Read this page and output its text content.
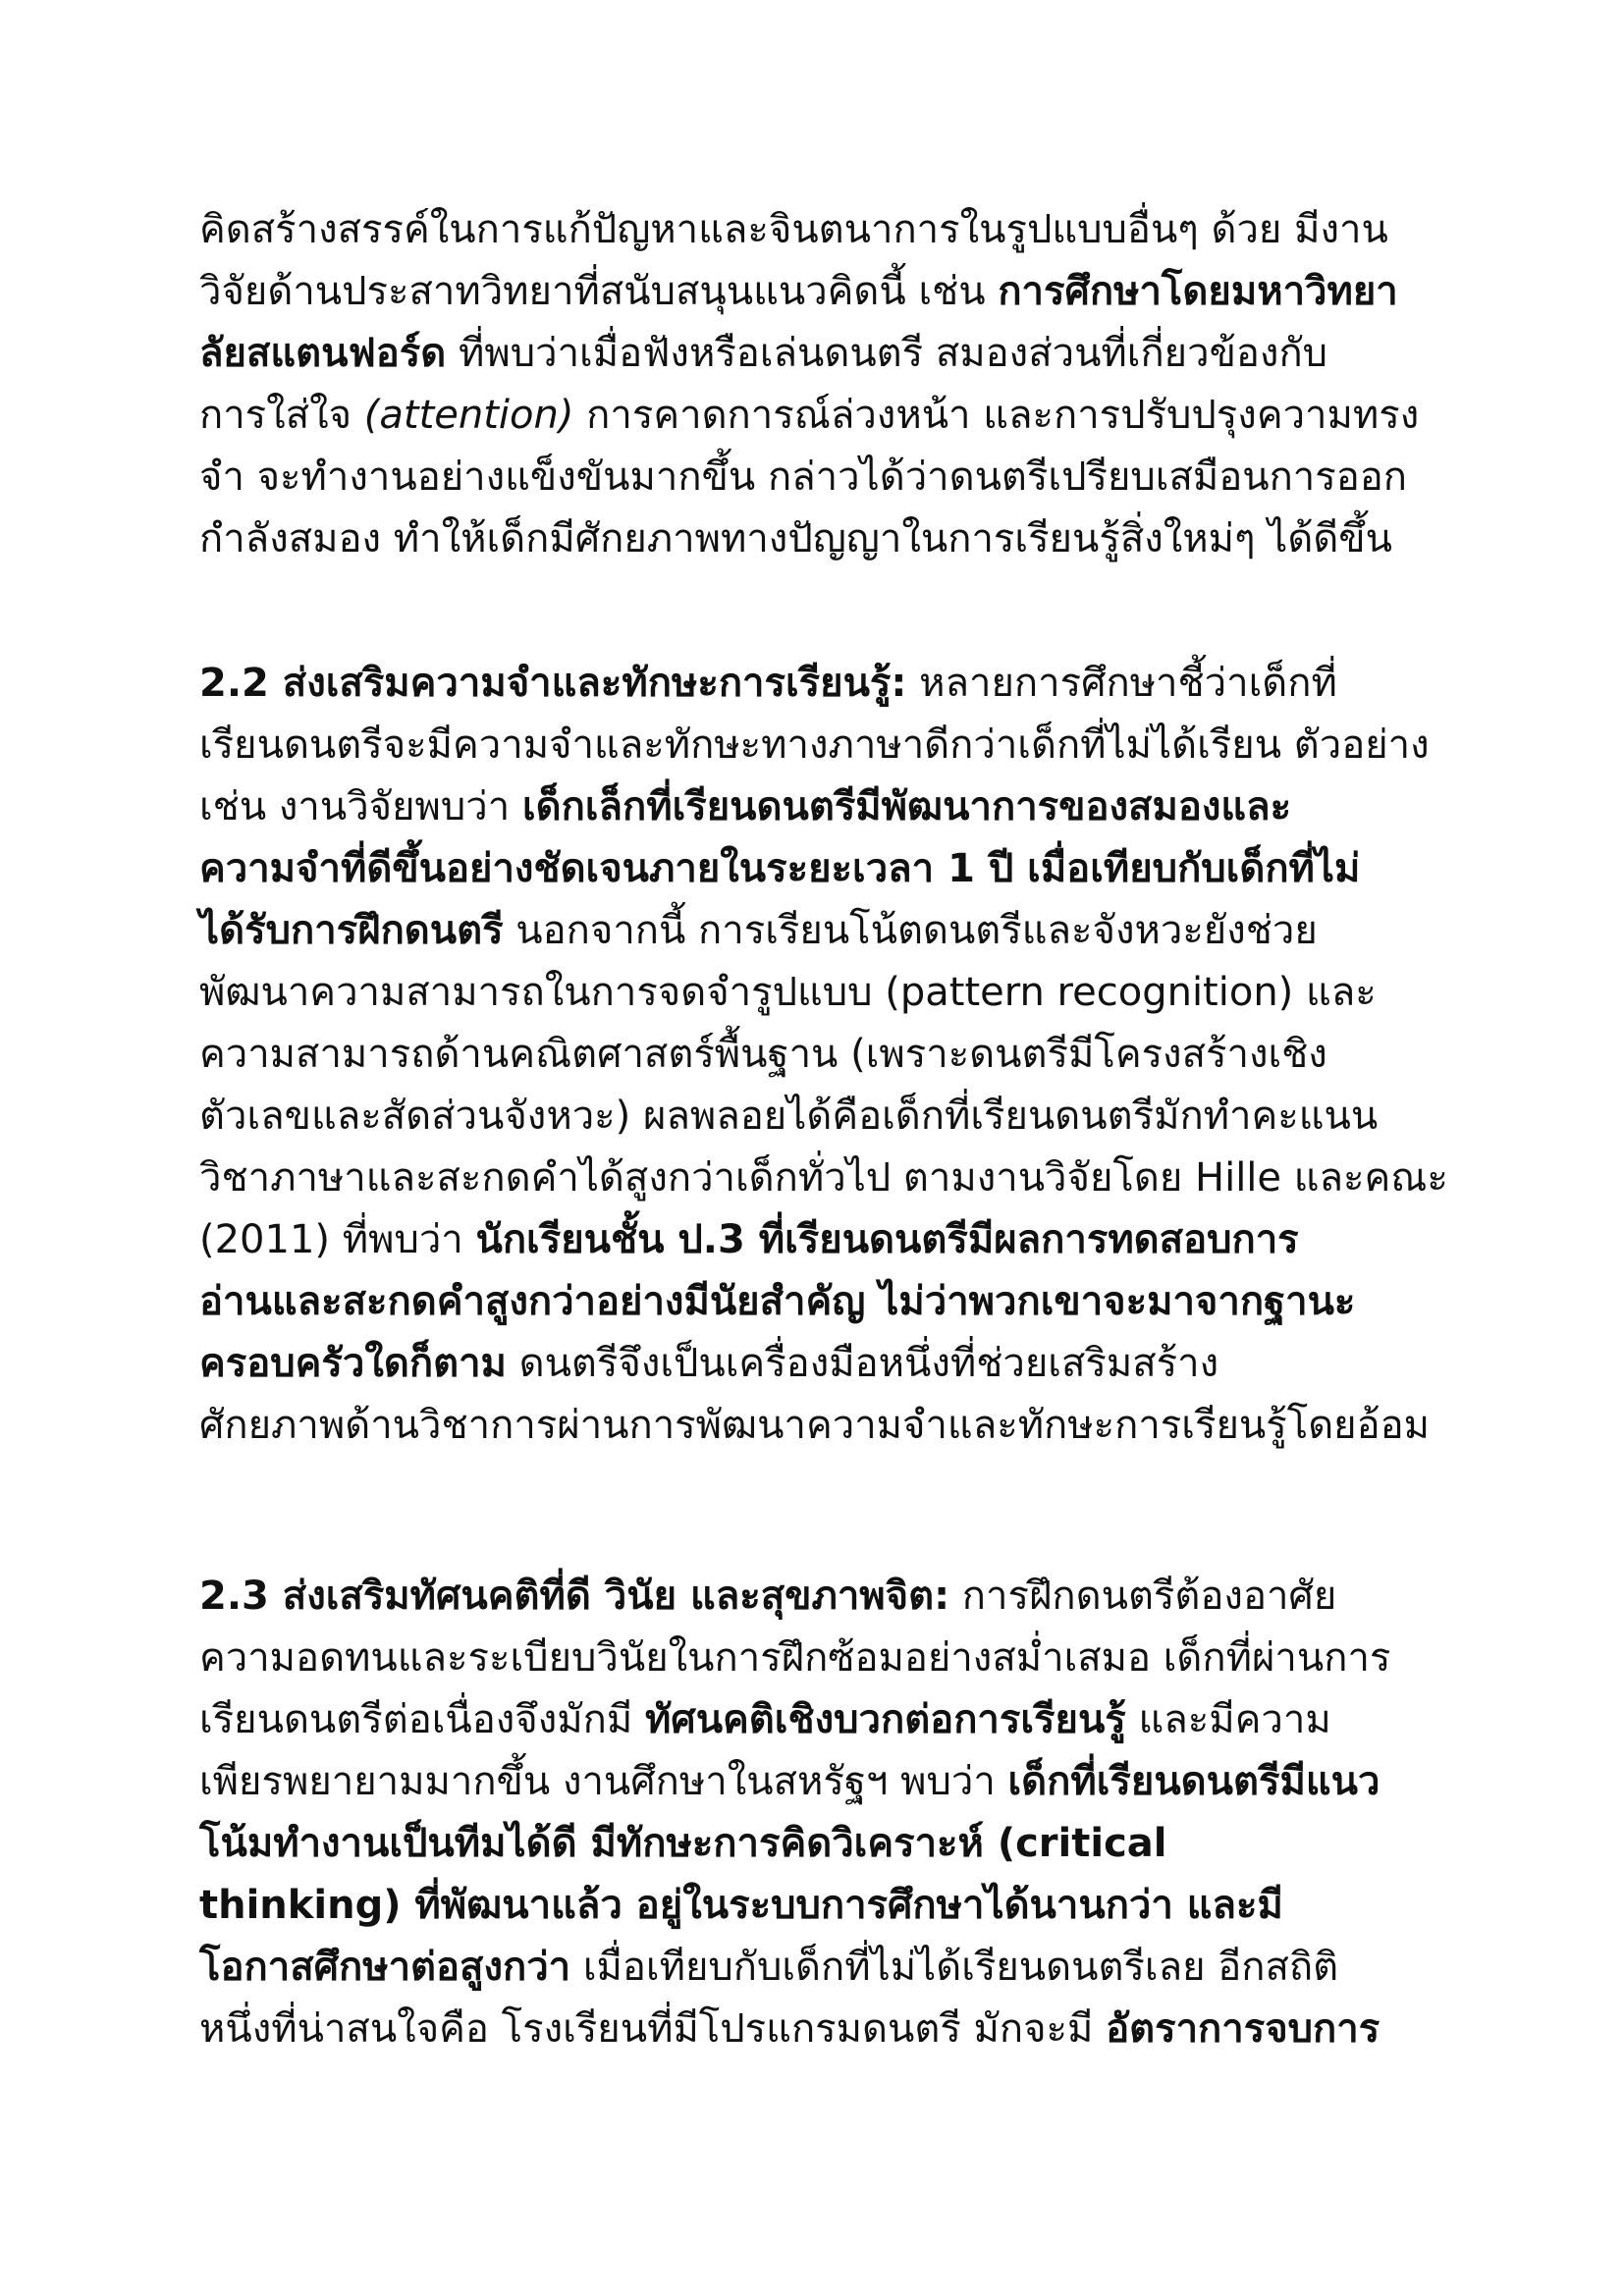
คิดสร้างสรรค์ในการแก้ปัญหาและจินตนาการในรูปแบบอื่นๆ ด้วย มีงาน
วิจัยด้านประสาทวิทยาที่สนับสนุนแนวคิดนี้ เช่น การศึกษาโดยมหาวิทยา
ลัยสแตนฟอร์ด ที่พบว่าเมื่อฟังหรือเล่นดนตรี สมองส่วนที่เกี่ยวข้องกับ
การใส่ใจ (attention) การคาดการณ์ล่วงหน้า และการปรับปรุงความทรง
จำ จะทำงานอย่างแข็งขันมากขึ้น กล่าวได้ว่าดนตรีเปรียบเสมือนการออก
กำลังสมอง ทำให้เด็กมีศักยภาพทางปัญญาในการเรียนรู้สิ่งใหม่ๆ ได้ดีขึ้น
2.2 ส่งเสริมความจำและทักษะการเรียนรู้: หลายการศึกษาชี้ว่าเด็กที่
เรียนดนตรีจะมีความจำและทักษะทางภาษาดีกว่าเด็กที่ไม่ได้เรียน ตัวอย่าง
เช่น งานวิจัยพบว่า เด็กเล็กที่เรียนดนตรีมีพัฒนาการของสมองและ
ความจำที่ดีขึ้นอย่างชัดเจนภายในระยะเวลา 1 ปี เมื่อเทียบกับเด็กที่ไม่
ได้รับการฝึกดนตรี นอกจากนี้ การเรียนโน้ตดนตรีและจังหวะยังช่วย
พัฒนาความสามารถในการจดจำรูปแบบ (pattern recognition) และ
ความสามารถด้านคณิตศาสตร์พื้นฐาน (เพราะดนตรีมีโครงสร้างเชิง
ตัวเลขและสัดส่วนจังหวะ) ผลพลอยได้คือเด็กที่เรียนดนตรีมักทำคะแนน
วิชาภาษาและสะกดคำได้สูงกว่าเด็กทั่วไป ตามงานวิจัยโดย Hille และคณะ
(2011) ที่พบว่า นักเรียนชั้น ป.3 ที่เรียนดนตรีมีผลการทดสอบการ
อ่านและสะกดคำสูงกว่าอย่างมีนัยสำคัญ ไม่ว่าพวกเขาจะมาจากฐานะ
ครอบครัวใดก็ตาม ดนตรีจึงเป็นเครื่องมือหนึ่งที่ช่วยเสริมสร้าง
ศักยภาพด้านวิชาการผ่านการพัฒนาความจำและทักษะการเรียนรู้โดยอ้อม
2.3 ส่งเสริมทัศนคติที่ดี วินัย และสุขภาพจิต: การฝึกดนตรีต้องอาศัย
ความอดทนและระเบียบวินัยในการฝึกซ้อมอย่างสม่ำเสมอ เด็กที่ผ่านการ
เรียนดนตรีต่อเนื่องจึงมักมี ทัศนคติเชิงบวกต่อการเรียนรู้ และมีความ
เพียรพยายามมากขึ้น งานศึกษาในสหรัฐฯ พบว่า เด็กที่เรียนดนตรีมีแนว
โน้มทำงานเป็นทีมได้ดี มีทักษะการคิดวิเคราะห์ (critical
thinking) ที่พัฒนาแล้ว อยู่ในระบบการศึกษาได้นานกว่า และมี
โอกาสศึกษาต่อสูงกว่า เมื่อเทียบกับเด็กที่ไม่ได้เรียนดนตรีเลย อีกสถิติ
หนึ่งที่น่าสนใจคือ โรงเรียนที่มีโปรแกรมดนตรี มักจะมี อัตราการจบการ
